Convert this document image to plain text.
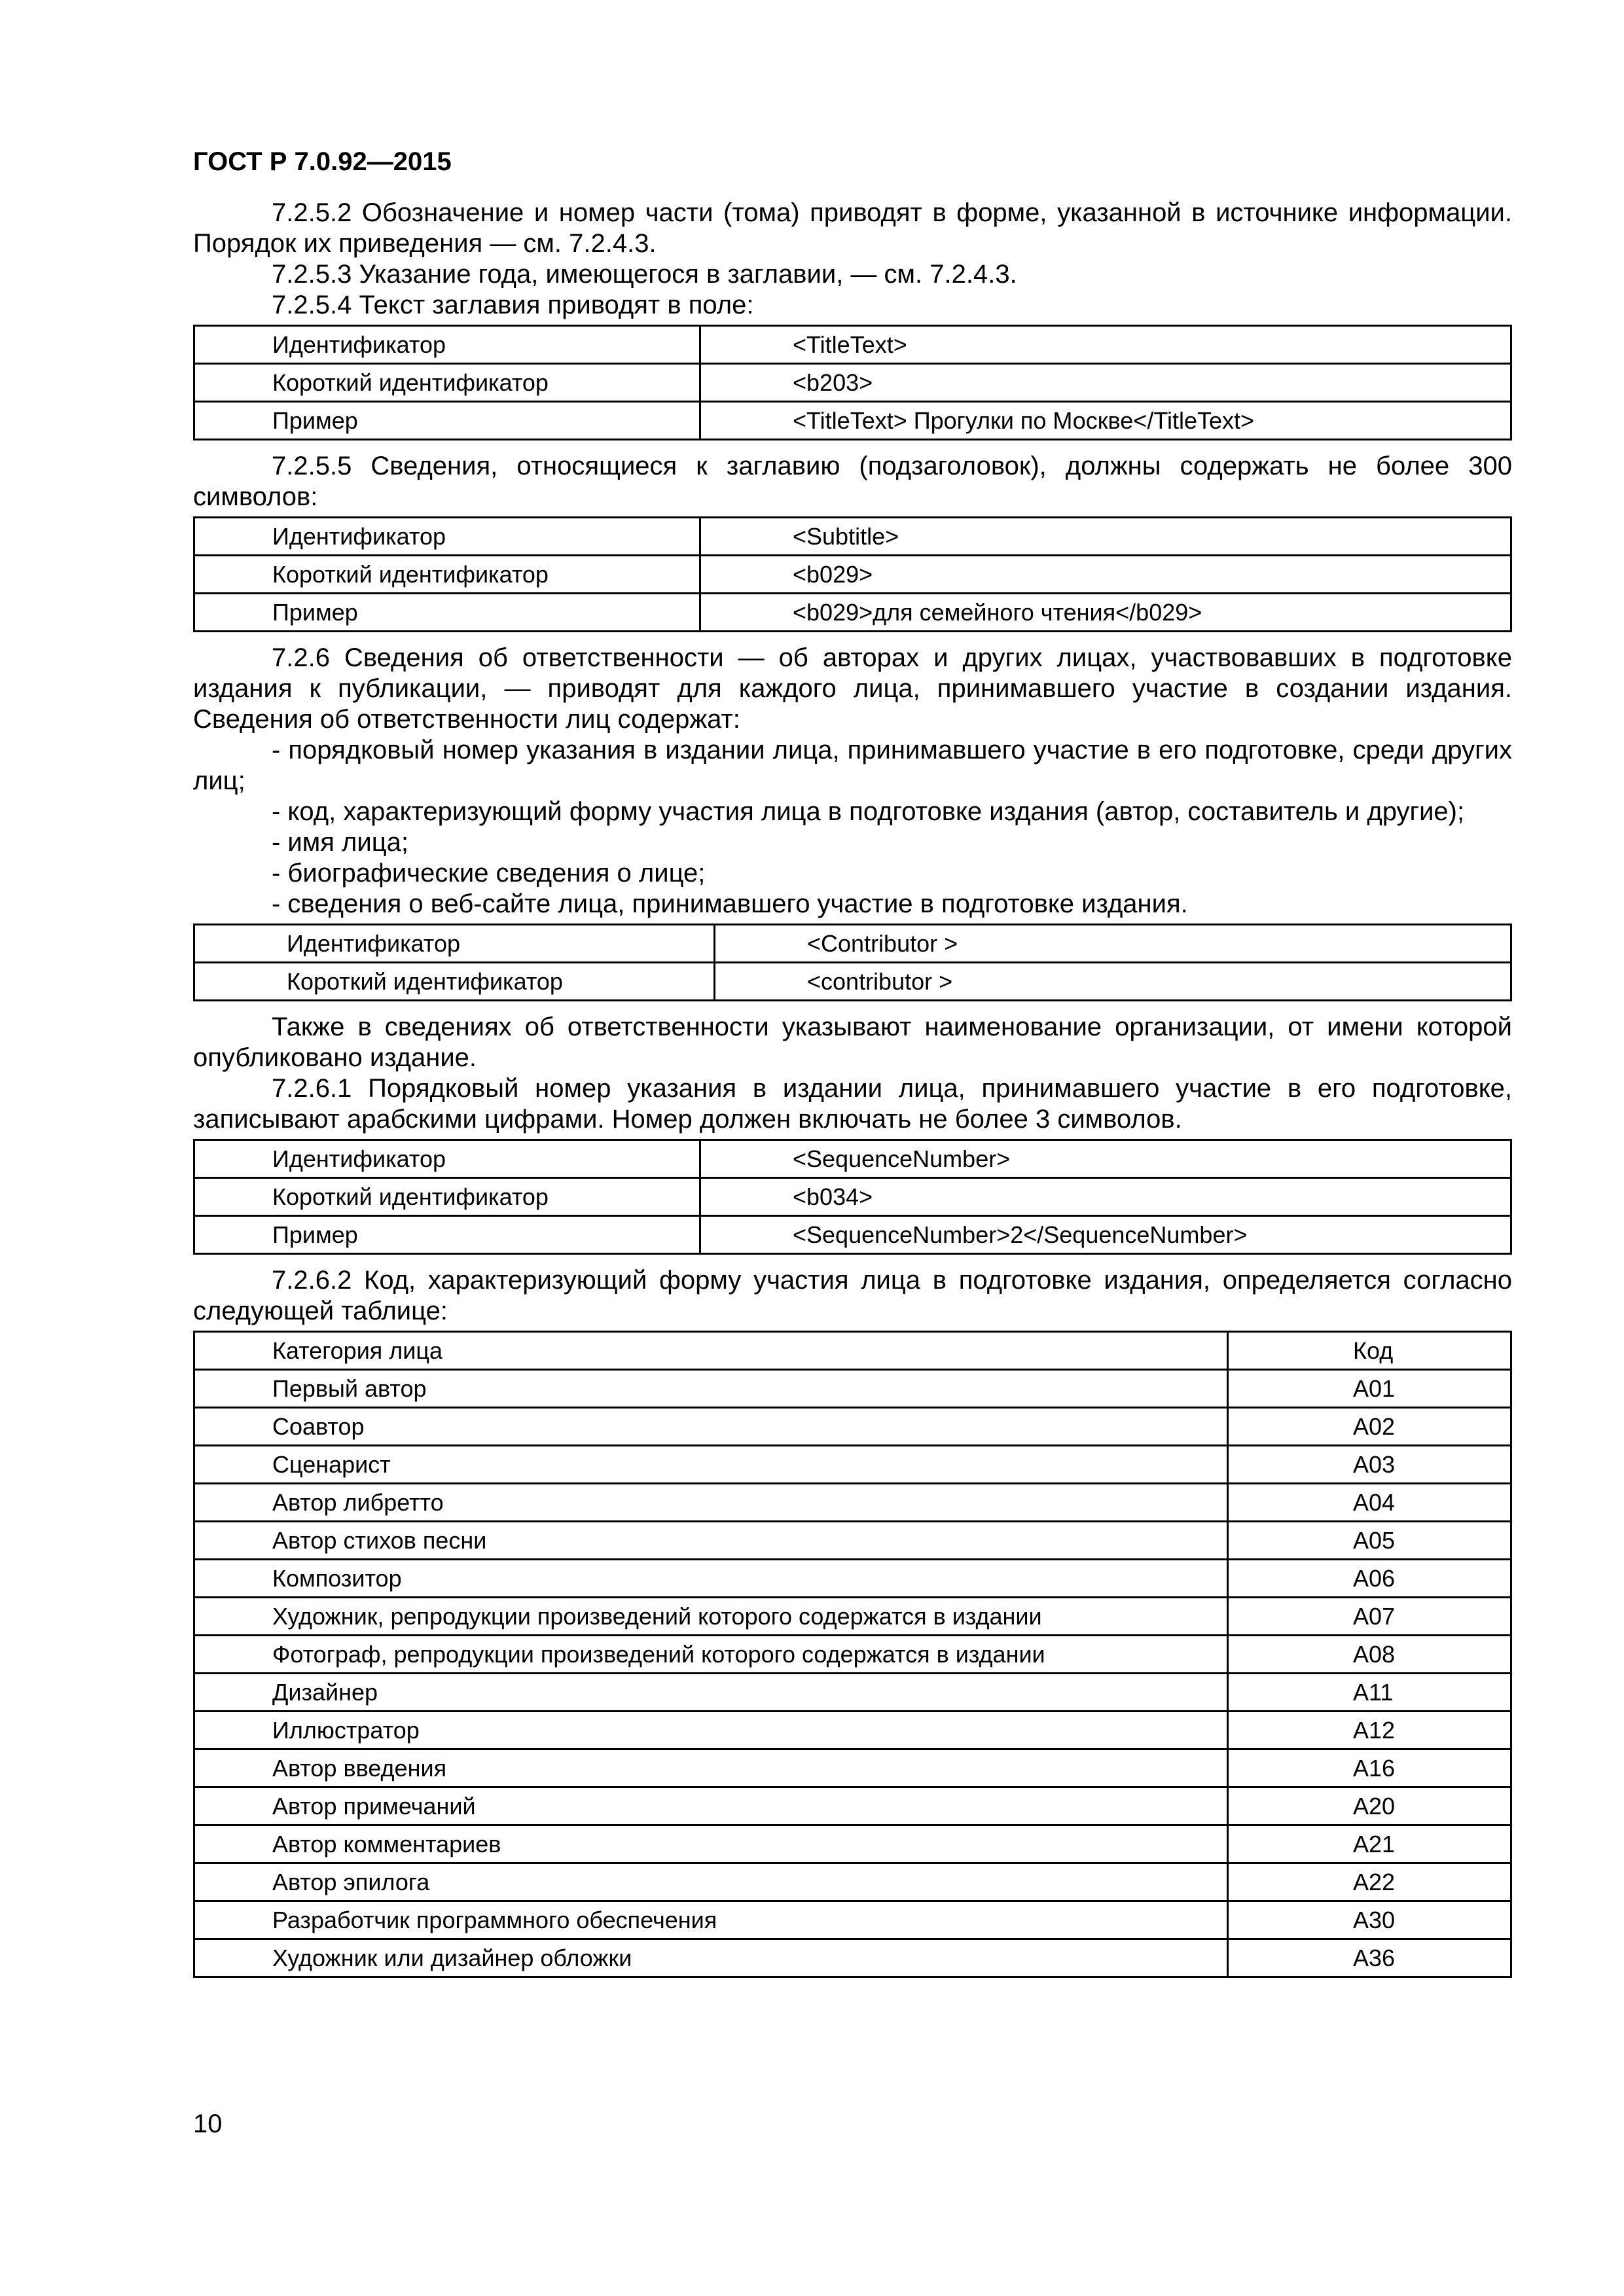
ГОСТ Р 7.0.92—2015

7.2.5.2 Обозначение и номер части (тома) приводят в форме, указанной в источнике информации. Порядок их приведения — см. 7.2.4.3.

7.2.5.3 Указание года, имеющегося в заглавии, — см. 7.2.4.3.

7.2.5.4 Текст заглавия приводят в поле:

Идентификатор	<TitleText>
Короткий идентификатор	<b203>
Пример	<TitleText> Прогулки по Москве</TitleText>

7.2.5.5 Сведения, относящиеся к заглавию (подзаголовок), должны содержать не более 300 символов:

Идентификатор	<Subtitle>
Короткий идентификатор	<b029>
Пример	<b029>для семейного чтения</b029>

7.2.6 Сведения об ответственности — об авторах и других лицах, участвовавших в подготовке издания к публикации, — приводят для каждого лица, принимавшего участие в создании издания. Сведения об ответственности лиц содержат:

- порядковый номер указания в издании лица, принимавшего участие в его подготовке, среди других лиц;

- код, характеризующий форму участия лица в подготовке издания (автор, составитель и другие);

- имя лица;

- биографические сведения о лице;

- сведения о веб-сайте лица, принимавшего участие в подготовке издания.

Идентификатор	<Contributor >
Короткий идентификатор	<contributor >

Также в сведениях об ответственности указывают наименование организации, от имени которой опубликовано издание.

7.2.6.1 Порядковый номер указания в издании лица, принимавшего участие в его подготовке, записывают арабскими цифрами. Номер должен включать не более 3 символов.

Идентификатор	<SequenceNumber>
Короткий идентификатор	<b034>
Пример	<SequenceNumber>2</SequenceNumber>

7.2.6.2 Код, характеризующий форму участия лица в подготовке издания, определяется согласно следующей таблице:

Категория лица	Код
Первый автор	A01
Соавтор	A02
Сценарист	A03
Автор либретто	A04
Автор стихов песни	A05
Композитор	A06
Художник, репродукции произведений которого содержатся в издании	A07
Фотограф, репродукции произведений которого содержатся в издании	A08
Дизайнер	A11
Иллюстратор	A12
Автор введения	A16
Автор примечаний	A20
Автор комментариев	A21
Автор эпилога	A22
Разработчик программного обеспечения	A30
Художник или дизайнер обложки	A36
10
